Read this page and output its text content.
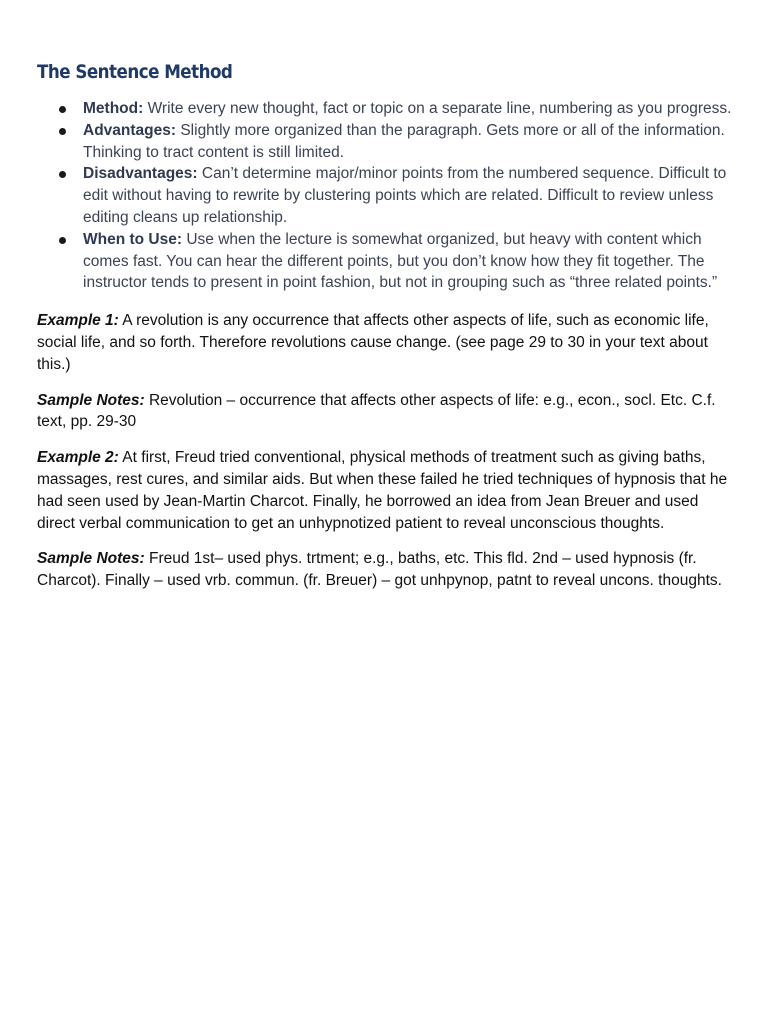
The Sentence Method
Method: Write every new thought, fact or topic on a separate line, numbering as you progress.
Advantages: Slightly more organized than the paragraph. Gets more or all of the information. Thinking to tract content is still limited.
Disadvantages: Can’t determine major/minor points from the numbered sequence. Difficult to edit without having to rewrite by clustering points which are related. Difficult to review unless editing cleans up relationship.
When to Use: Use when the lecture is somewhat organized, but heavy with content which comes fast. You can hear the different points, but you don’t know how they fit together. The instructor tends to present in point fashion, but not in grouping such as “three related points.”

Example 1: A revolution is any occurrence that affects other aspects of life, such as economic life, social life, and so forth. Therefore revolutions cause change. (see page 29 to 30 in your text about this.)

Sample Notes: Revolution – occurrence that affects other aspects of life: e.g., econ., socl. Etc. C.f. text, pp. 29-30

Example 2: At first, Freud tried conventional, physical methods of treatment such as giving baths, massages, rest cures, and similar aids. But when these failed he tried techniques of hypnosis that he had seen used by Jean-Martin Charcot. Finally, he borrowed an idea from Jean Breuer and used direct verbal communication to get an unhypnotized patient to reveal unconscious thoughts.

Sample Notes: Freud 1st– used phys. trtment; e.g., baths, etc. This fld. 2nd – used hypnosis (fr. Charcot). Finally – used vrb. commun. (fr. Breuer) – got unhpynop, patnt to reveal uncons. thoughts.
